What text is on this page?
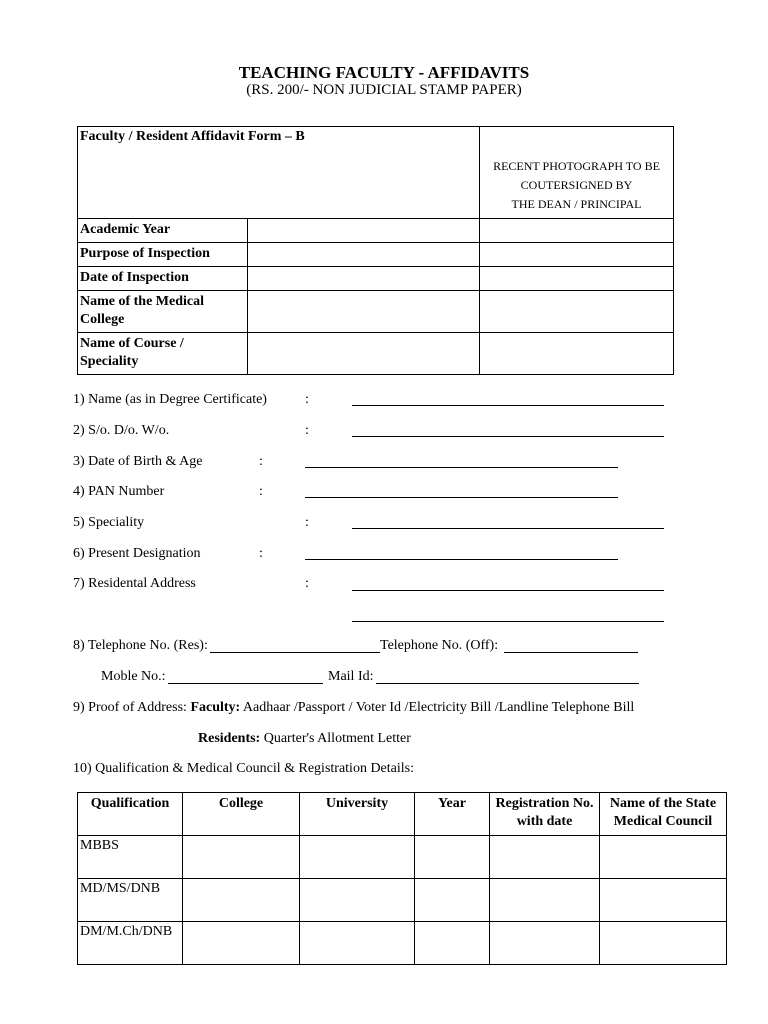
TEACHING FACULTY - AFFIDAVITS
(RS. 200/- NON JUDICIAL STAMP PAPER)
Faculty / Resident Affidavit Form – B		RECENT PHOTOGRAPH TO BE
COUTERSIGNED BY
THE DEAN / PRINCIPAL

Academic Year		
Purpose of Inspection		
Date of Inspection		
Name of the Medical College		
Name of Course / Speciality		
1) Name (as in Degree Certificate)	:
2) S/o. D/o. W/o.	:
3) Date of Birth & Age	:
4) PAN Number	:
5) Speciality	:
6) Present Designation	:
7) Residental Address	:
8) Telephone No. (Res):	Telephone No. (Off):
Moble No.:	Mail Id:
9) Proof of Address: Faculty: Aadhaar /Passport / Voter Id /Electricity Bill /Landline Telephone Bill
Residents: Quarter's Allotment Letter
10) Qualification & Medical Council & Registration Details:
Qualification	College	University	Year	Registration No. with date	Name of the State Medical Council
MBBS					
MD/MS/DNB					
DM/M.Ch/DNB					
